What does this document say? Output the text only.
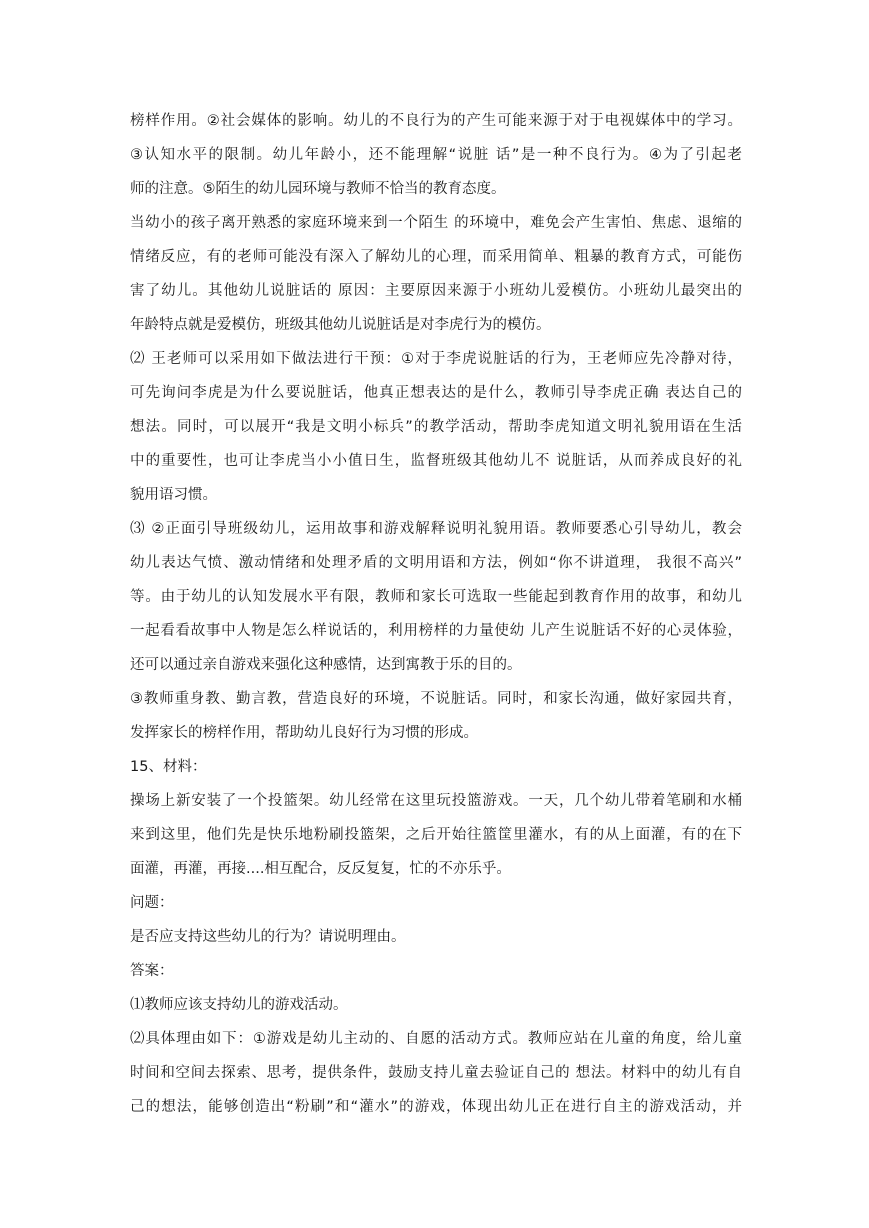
榜样作用。②社会媒体的影响。幼儿的不良行为的产生可能来源于对于电视媒体中的学习。
③认知水平的限制。幼儿年龄小，还不能理解“说脏 话”是一种不良行为。④为了引起老
师的注意。⑤陌生的幼儿园环境与教师不恰当的教育态度。
当幼小的孩子离开熟悉的家庭环境来到一个陌生 的环境中，难免会产生害怕、焦虑、退缩的
情绪反应，有的老师可能没有深入了解幼儿的心理，而采用简单、粗暴的教育方式，可能伤
害了幼儿。其他幼儿说脏话的 原因：主要原因来源于小班幼儿爱模仿。小班幼儿最突出的
年龄特点就是爱模仿，班级其他幼儿说脏话是对李虎行为的模仿。
⑵ 王老师可以采用如下做法进行干预：①对于李虎说脏话的行为，王老师应先冷静对待，
可先询问李虎是为什么要说脏话，他真正想表达的是什么，教师引导李虎正确 表达自己的
想法。同时，可以展开“我是文明小标兵”的教学活动，帮助李虎知道文明礼貌用语在生活
中的重要性，也可让李虎当小小值日生，监督班级其他幼儿不 说脏话，从而养成良好的礼
貌用语习惯。
⑶ ②正面引导班级幼儿，运用故事和游戏解释说明礼貌用语。教师要悉心引导幼儿，教会
幼儿表达气愤、激动情绪和处理矛盾的文明用语和方法，例如“你不讲道理， 我很不高兴”
等。由于幼儿的认知发展水平有限，教师和家长可选取一些能起到教育作用的故事，和幼儿
一起看看故事中人物是怎么样说话的，利用榜样的力量使幼 儿产生说脏话不好的心灵体验，
还可以通过亲自游戏来强化这种感情，达到寓教于乐的目的。
③教师重身教、勤言教，营造良好的环境，不说脏话。同时，和家长沟通，做好家园共育，
发挥家长的榜样作用，帮助幼儿良好行为习惯的形成。
15、材料：
操场上新安装了一个投篮架。幼儿经常在这里玩投篮游戏。一天，几个幼儿带着笔刷和水桶
来到这里，他们先是快乐地粉刷投篮架，之后开始往篮筐里灌水，有的从上面灌，有的在下
面灌，再灌，再接....相互配合，反反复复，忙的不亦乐乎。
问题：
是否应支持这些幼儿的行为？请说明理由。
答案：
⑴教师应该支持幼儿的游戏活动。
⑵具体理由如下：①游戏是幼儿主动的、自愿的活动方式。教师应站在儿童的角度，给儿童
时间和空间去探索、思考，提供条件，鼓励支持儿童去验证自己的 想法。材料中的幼儿有自
己的想法，能够创造出“粉刷”和“灌水”的游戏，体现出幼儿正在进行自主的游戏活动，并
